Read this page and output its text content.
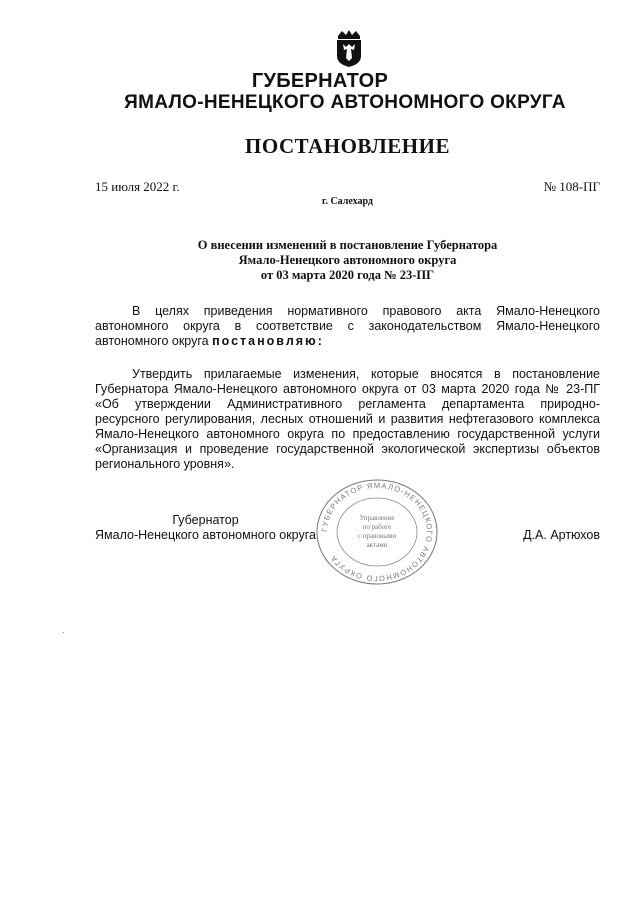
ГУБЕРНАТОР
ЯМАЛО-НЕНЕЦКОГО АВТОНОМНОГО ОКРУГА
ПОСТАНОВЛЕНИЕ
15 июля 2022 г.	№ 108-ПГ
г. Салехард
О внесении изменений в постановление Губернатора
Ямало-Ненецкого автономного округа
от 03 марта 2020 года № 23-ПГ
В целях приведения нормативного правового акта Ямало-Ненецкого автономного округа в соответствие с законодательством Ямало-Ненецкого автономного округа постановляю:
Утвердить прилагаемые изменения, которые вносятся в постановление Губернатора Ямало-Ненецкого автономного округа от 03 марта 2020 года № 23-ПГ «Об утверждении Административного регламента департамента природно-ресурсного регулирования, лесных отношений и развития нефтегазового комплекса Ямало-Ненецкого автономного округа по предоставлению государственной услуги «Организация и проведение государственной экологической экспертизы объектов регионального уровня».
Губернатор
Ямало-Ненецкого автономного округа ГУБЕРНАТОР ЯМАЛО-НЕНЕЦКОГО АВТОНОМНОГО ОКРУГА
Управление
по работе
с правовыми
актами
Д.А. Артюхов
